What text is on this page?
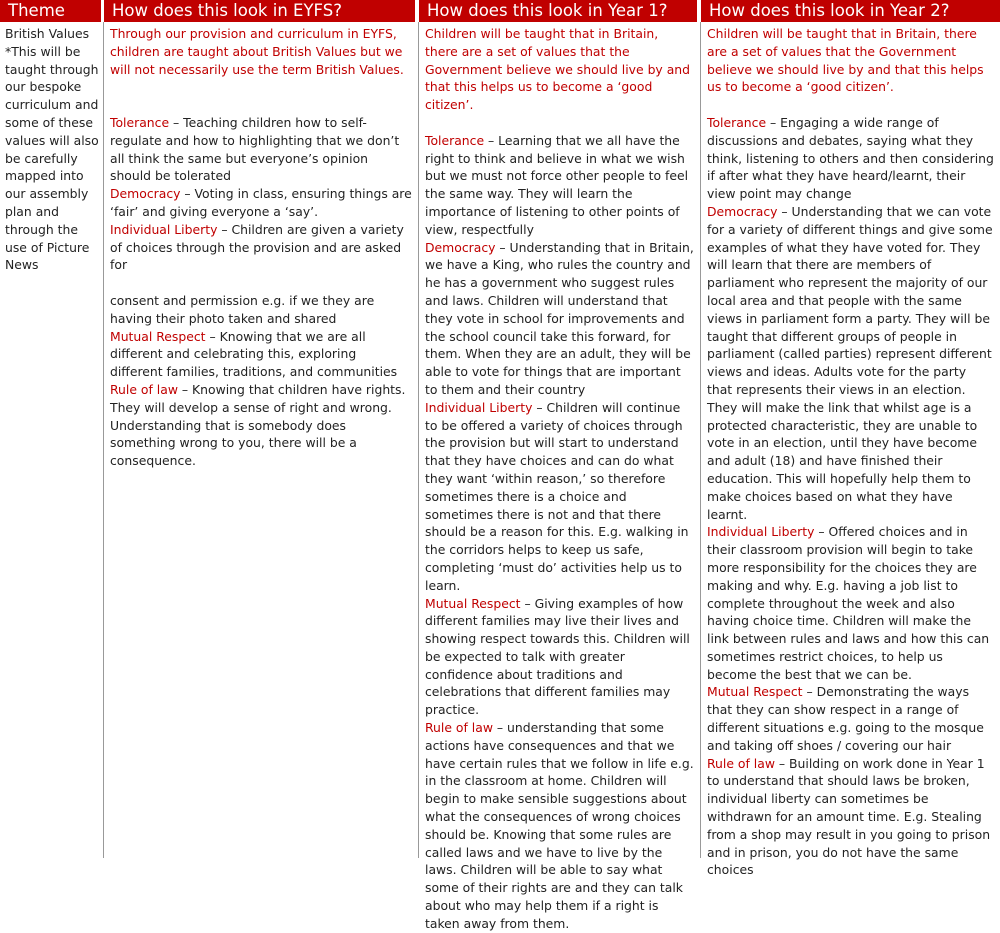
Theme

British Values *This will be taught through our bespoke curriculum and some of these values will also be carefully mapped into our assembly plan and through the use of Picture News

How does this look in EYFS?

Through our provision and curriculum in EYFS, children are taught about British Values but we will not necessarily use the term British Values.

Tolerance – Teaching children how to self-regulate and how to highlighting that we don’t all think the same but everyone’s opinion should be tolerated

Democracy – Voting in class, ensuring things are ‘fair’ and giving everyone a ‘say’.

Individual Liberty – Children are given a variety of choices through the provision and are asked for

consent and permission e.g. if we they are having their photo taken and shared

Mutual Respect – Knowing that we are all different and celebrating this, exploring different families, traditions, and communities

Rule of law – Knowing that children have rights. They will develop a sense of right and wrong. Understanding that is somebody does something wrong to you, there will be a consequence.

How does this look in Year 1?

Children will be taught that in Britain, there are a set of values that the Government believe we should live by and that this helps us to become a ‘good citizen’.

Tolerance – Learning that we all have the right to think and believe in what we wish but we must not force other people to feel the same way. They will learn the importance of listening to other points of view, respectfully

Democracy – Understanding that in Britain, we have a King, who rules the country and he has a government who suggest rules and laws. Children will understand that they vote in school for improvements and the school council take this forward, for them. When they are an adult, they will be able to vote for things that are important to them and their country

Individual Liberty – Children will continue to be offered a variety of choices through the provision but will start to understand that they have choices and can do what they want ‘within reason,’ so therefore sometimes there is a choice and sometimes there is not and that there should be a reason for this. E.g. walking in the corridors helps to keep us safe, completing ‘must do’ activities help us to learn.

Mutual Respect – Giving examples of how different families may live their lives and showing respect towards this. Children will be expected to talk with greater confidence about traditions and celebrations that different families may practice.

Rule of law – understanding that some actions have consequences and that we have certain rules that we follow in life e.g. in the classroom at home. Children will begin to make sensible suggestions about what the consequences of wrong choices should be. Knowing that some rules are called laws and we have to live by the laws. Children will be able to say what some of their rights are and they can talk about who may help them if a right is taken away from them.

How does this look in Year 2?

Children will be taught that in Britain, there are a set of values that the Government believe we should live by and that this helps us to become a ‘good citizen’.

Tolerance – Engaging a wide range of discussions and debates, saying what they think, listening to others and then considering if after what they have heard/learnt, their view point may change

Democracy – Understanding that we can vote for a variety of different things and give some examples of what they have voted for. They will learn that there are members of parliament who represent the majority of our local area and that people with the same views in parliament form a party. They will be taught that different groups of people in parliament (called parties) represent different views and ideas. Adults vote for the party that represents their views in an election. They will make the link that whilst age is a protected characteristic, they are unable to vote in an election, until they have become and adult (18) and have finished their education. This will hopefully help them to make choices based on what they have learnt.

Individual Liberty – Offered choices and in their classroom provision will begin to take more responsibility for the choices they are making and why. E.g. having a job list to complete throughout the week and also having choice time. Children will make the link between rules and laws and how this can sometimes restrict choices, to help us become the best that we can be.

Mutual Respect – Demonstrating the ways that they can show respect in a range of different situations e.g. going to the mosque and taking off shoes / covering our hair

Rule of law – Building on work done in Year 1 to understand that should laws be broken, individual liberty can sometimes be withdrawn for an amount time. E.g. Stealing from a shop may result in you going to prison and in prison, you do not have the same choices
